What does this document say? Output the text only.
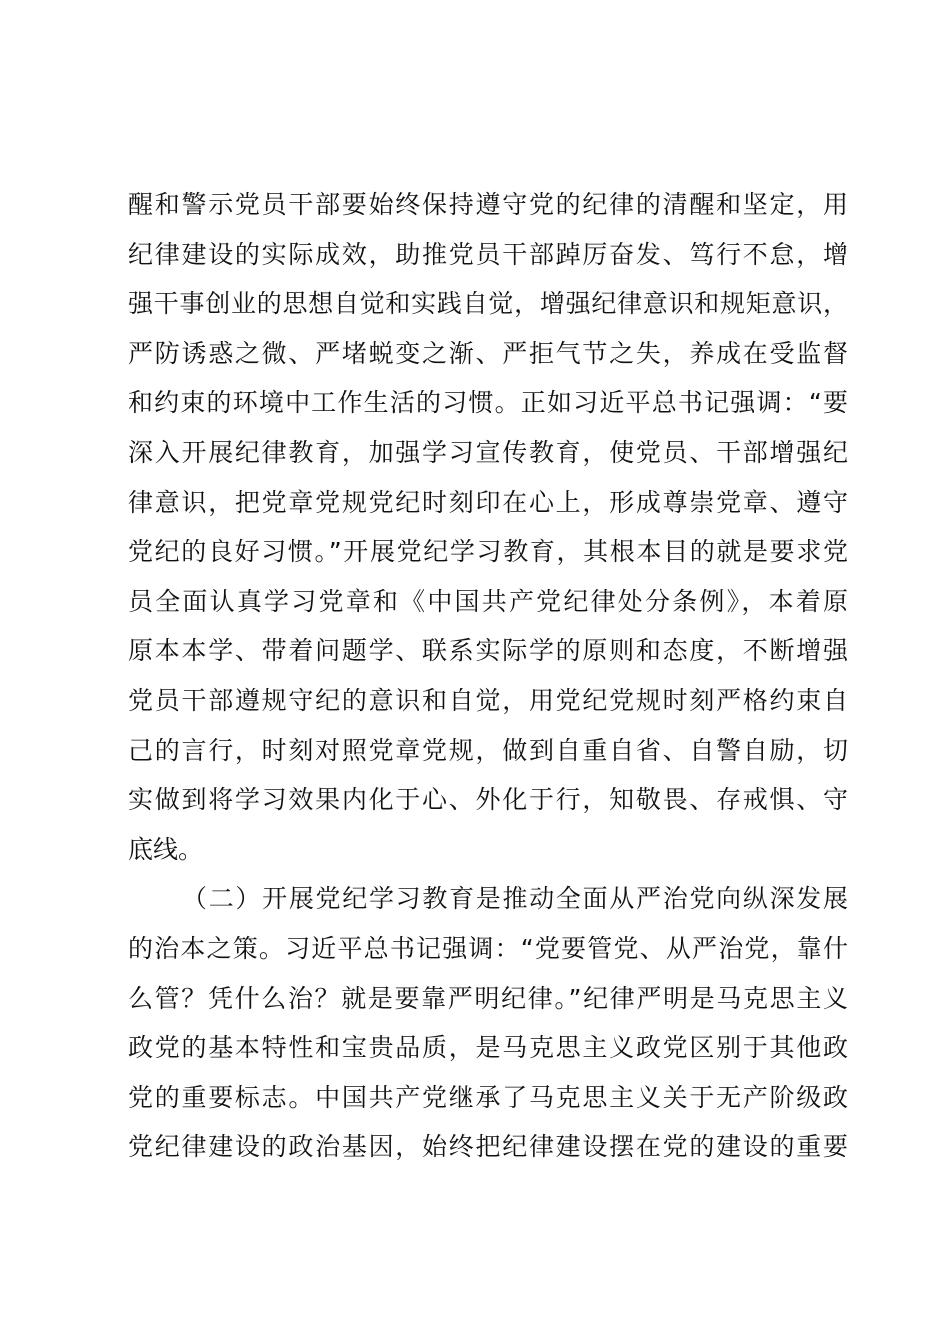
醒和警示党员干部要始终保持遵守党的纪律的清醒和坚定，用
纪律建设的实际成效，助推党员干部踔厉奋发、笃行不怠，增
强干事创业的思想自觉和实践自觉，增强纪律意识和规矩意识，
严防诱惑之微、严堵蜕变之渐、严拒气节之失，养成在受监督
和约束的环境中工作生活的习惯。正如习近平总书记强调：“要
深入开展纪律教育，加强学习宣传教育，使党员、干部增强纪
律意识，把党章党规党纪时刻印在心上，形成尊崇党章、遵守
党纪的良好习惯。”开展党纪学习教育，其根本目的就是要求党
员全面认真学习党章和《中国共产党纪律处分条例》，本着原
原本本学、带着问题学、联系实际学的原则和态度，不断增强
党员干部遵规守纪的意识和自觉，用党纪党规时刻严格约束自
己的言行，时刻对照党章党规，做到自重自省、自警自励，切
实做到将学习效果内化于心、外化于行，知敬畏、存戒惧、守
底线。
（二）开展党纪学习教育是推动全面从严治党向纵深发展
的治本之策。习近平总书记强调：“党要管党、从严治党，靠什
么管？凭什么治？就是要靠严明纪律。”纪律严明是马克思主义
政党的基本特性和宝贵品质，是马克思主义政党区别于其他政
党的重要标志。中国共产党继承了马克思主义关于无产阶级政
党纪律建设的政治基因，始终把纪律建设摆在党的建设的重要
